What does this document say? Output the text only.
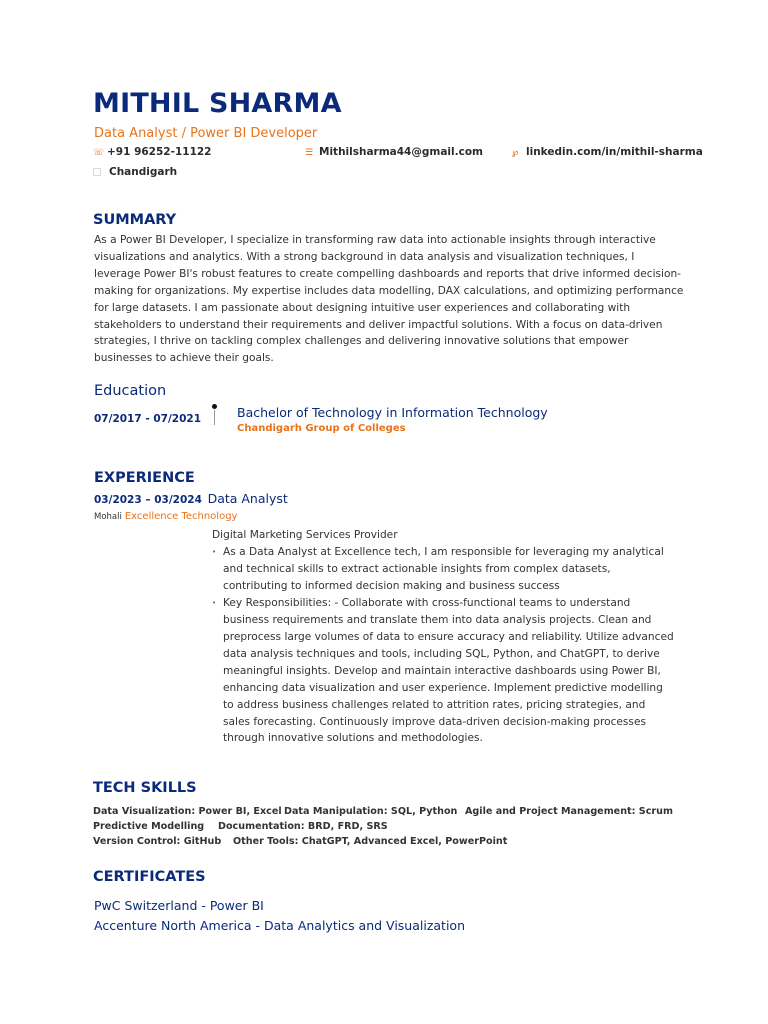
MITHIL SHARMA
Data Analyst / Power BI Developer
☏ +91 96252-11122	☰ Mithilsharma44@gmail.com	℘ linkedin.com/in/mithil-sharma
Chandigarh
SUMMARY
As a Power BI Developer, I specialize in transforming raw data into actionable insights through interactive visualizations and analytics. With a strong background in data analysis and visualization techniques, I leverage Power BI's robust features to create compelling dashboards and reports that drive informed decision-making for organizations. My expertise includes data modelling, DAX calculations, and optimizing performance for large datasets. I am passionate about designing intuitive user experiences and collaborating with stakeholders to understand their requirements and deliver impactful solutions. With a focus on data-driven strategies, I thrive on tackling complex challenges and delivering innovative solutions that empower businesses to achieve their goals.
Education
07/2017 - 07/2021	Bachelor of Technology in Information Technology
Chandigarh Group of Colleges
EXPERIENCE
03/2023 – 03/2024 Data Analyst
Mohali Excellence Technology
Digital Marketing Services Provider
• As a Data Analyst at Excellence tech, I am responsible for leveraging my analytical and technical skills to extract actionable insights from complex datasets, contributing to informed decision making and business success
• Key Responsibilities: - Collaborate with cross-functional teams to understand business requirements and translate them into data analysis projects. Clean and preprocess large volumes of data to ensure accuracy and reliability. Utilize advanced data analysis techniques and tools, including SQL, Python, and ChatGPT, to derive meaningful insights. Develop and maintain interactive dashboards using Power BI, enhancing data visualization and user experience. Implement predictive modelling to address business challenges related to attrition rates, pricing strategies, and sales forecasting. Continuously improve data-driven decision-making processes through innovative solutions and methodologies.
TECH SKILLS
Data Visualization: Power BI, Excel Data Manipulation: SQL, Python Agile and Project Management: Scrum
Predictive Modelling Documentation: BRD, FRD, SRS
Version Control: GitHub Other Tools: ChatGPT, Advanced Excel, PowerPoint
CERTIFICATES
PwC Switzerland - Power BI
Accenture North America - Data Analytics and Visualization
